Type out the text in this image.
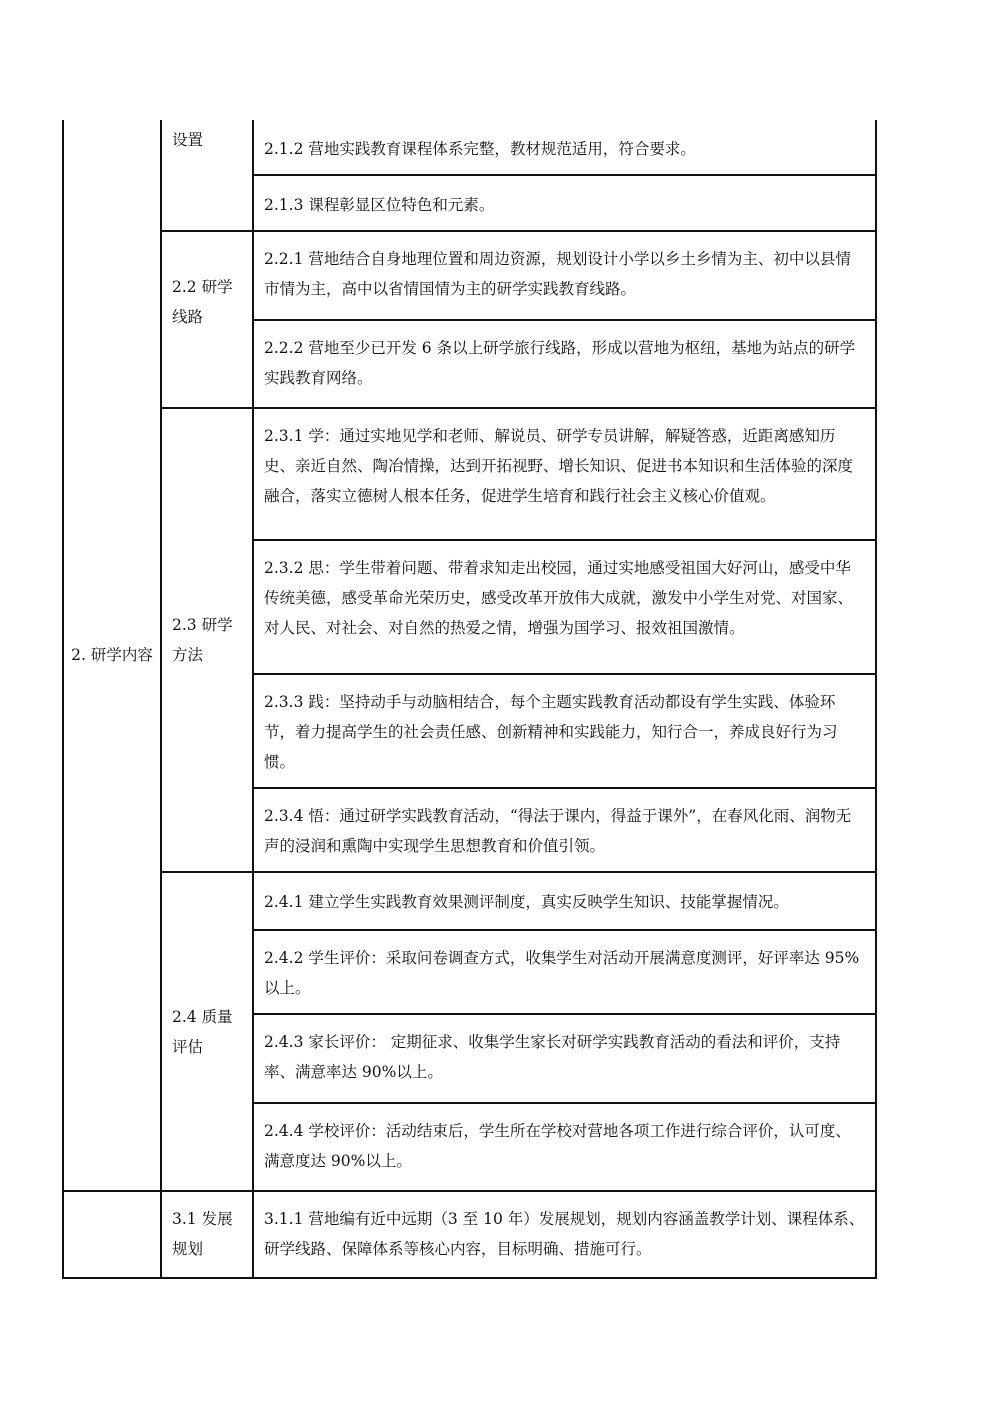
2. 研学内容	设置	2.1.2 营地实践教育课程体系完整，教材规范适用，符合要求。
		2.1.3 课程彰显区位特色和元素。
	2.2 研学线路	2.2.1 营地结合自身地理位置和周边资源，规划设计小学以乡土乡情为主、初中以县情市情为主，高中以省情国情为主的研学实践教育线路。
		2.2.2 营地至少已开发 6 条以上研学旅行线路，形成以营地为枢纽，基地为站点的研学实践教育网络。
	2.3 研学方法	2.3.1 学：通过实地见学和老师、解说员、研学专员讲解，解疑答惑，近距离感知历史、亲近自然、陶冶情操，达到开拓视野、增长知识、促进书本知识和生活体验的深度融合，落实立德树人根本任务，促进学生培育和践行社会主义核心价值观。
		2.3.2 思：学生带着问题、带着求知走出校园，通过实地感受祖国大好河山，感受中华传统美德，感受革命光荣历史，感受改革开放伟大成就，激发中小学生对党、对国家、对人民、对社会、对自然的热爱之情，增强为国学习、报效祖国激情。
		2.3.3 践：坚持动手与动脑相结合，每个主题实践教育活动都设有学生实践、体验环节，着力提高学生的社会责任感、创新精神和实践能力，知行合一，养成良好行为习惯。
		2.3.4 悟：通过研学实践教育活动，“得法于课内，得益于课外”，在春风化雨、润物无声的浸润和熏陶中实现学生思想教育和价值引领。
	2.4 质量评估	2.4.1 建立学生实践教育效果测评制度，真实反映学生知识、技能掌握情况。
		2.4.2 学生评价：采取问卷调查方式，收集学生对活动开展满意度测评，好评率达 95%以上。
		2.4.3 家长评价： 定期征求、收集学生家长对研学实践教育活动的看法和评价，支持率、满意率达 90%以上。
		2.4.4 学校评价：活动结束后，学生所在学校对营地各项工作进行综合评价，认可度、满意度达 90%以上。
	3.1 发展规划	3.1.1 营地编有近中远期（3 至 10 年）发展规划，规划内容涵盖教学计划、课程体系、研学线路、保障体系等核心内容，目标明确、措施可行。
